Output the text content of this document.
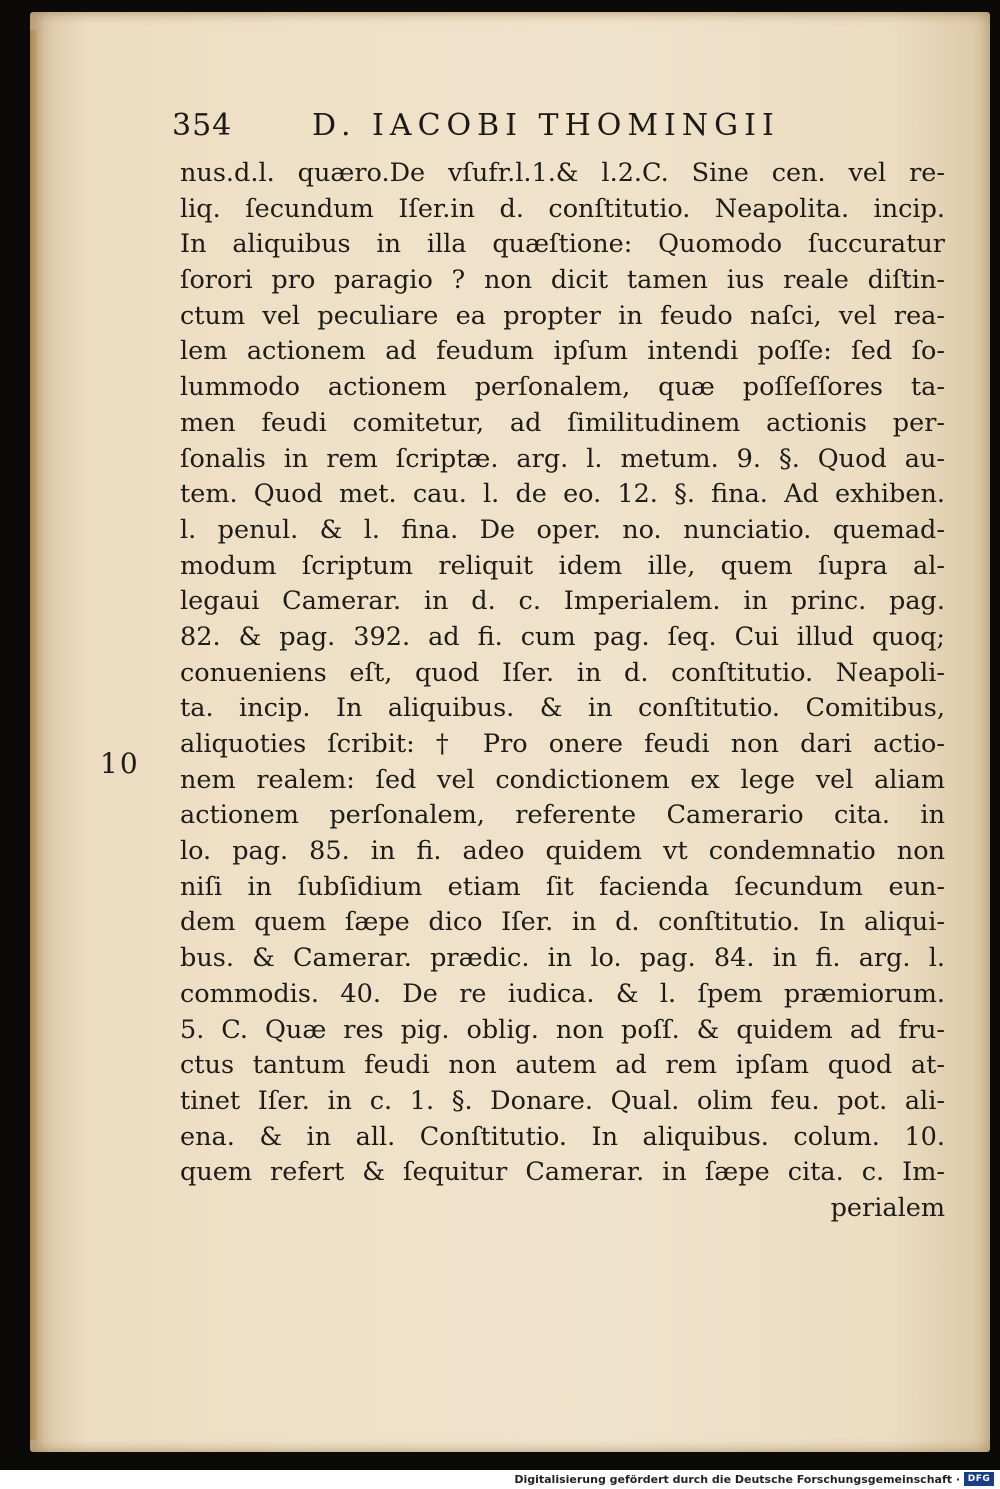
354	D. IACOBI THOMINGII
10
nus.d.l. quæro.De vſufr.l.1.& l.2.C. Sine cen. vel re-
liq. ſecundum Iſer.in d. conſtitutio. Neapolita. incip.
In aliquibus in illa quæſtione: Quomodo ſuccuratur
ſorori pro paragio ? non dicit tamen ius reale diſtin-
ctum vel peculiare ea propter in feudo naſci, vel rea-
lem actionem ad feudum ipſum intendi poſſe: ſed ſo-
lummodo actionem perſonalem, quæ poſſeſſores ta-
men feudi comitetur, ad ſimilitudinem actionis per-
ſonalis in rem ſcriptæ. arg. l. metum. 9. §. Quod au-
tem. Quod met. cau. l. de eo. 12. §. fina. Ad exhiben.
l. penul. & l. fina. De oper. no. nunciatio. quemad-
modum ſcriptum reliquit idem ille, quem ſupra al-
legaui Camerar. in d. c. Imperialem. in princ. pag.
82. & pag. 392. ad fi. cum pag. ſeq. Cui illud quoq;
conueniens eſt, quod Iſer. in d. conſtitutio. Neapoli-
ta. incip. In aliquibus. & in conſtitutio. Comitibus,
aliquoties ſcribit: † Pro onere feudi non dari actio-
nem realem: ſed vel condictionem ex lege vel aliam
actionem perſonalem, referente Camerario cita. in
lo. pag. 85. in fi. adeo quidem vt condemnatio non
niſi in ſubſidium etiam ſit facienda ſecundum eun-
dem quem ſæpe dico Iſer. in d. conſtitutio. In aliqui-
bus. & Camerar. prædic. in lo. pag. 84. in fi. arg. l.
commodis. 40. De re iudica. & l. ſpem præmiorum.
5. C. Quæ res pig. oblig. non poſſ. & quidem ad fru-
ctus tantum feudi non autem ad rem ipſam quod at-
tinet Iſer. in c. 1. §. Donare. Qual. olim feu. pot. ali-
ena. & in all. Conſtitutio. In aliquibus. colum. 10.
quem refert & ſequitur Camerar. in ſæpe cita. c. Im-
perialem
Digitalisierung gefördert durch die Deutsche Forschungsgemeinschaft · DFG
